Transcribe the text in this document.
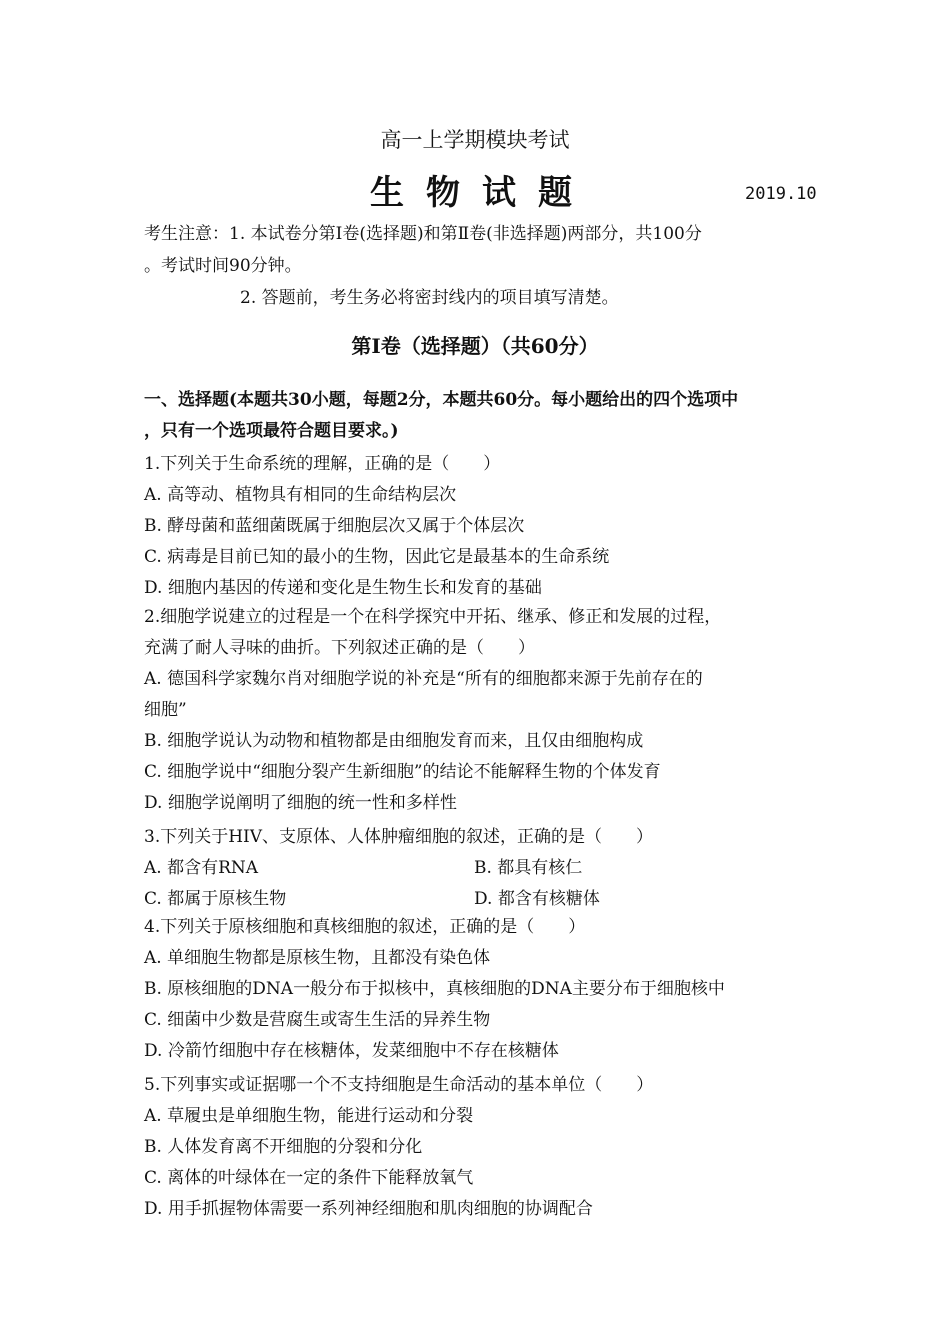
高一上学期模块考试
生物试题	2019.10
考生注意：1. 本试卷分第Ⅰ卷(选择题)和第Ⅱ卷(非选择题)两部分，共100分
。考试时间90分钟。
2. 答题前，考生务必将密封线内的项目填写清楚。
第Ⅰ卷（选择题）（共60分）
一、选择题(本题共30小题，每题2分，本题共60分。每小题给出的四个选项中
，只有一个选项最符合题目要求。)
1.下列关于生命系统的理解，正确的是（　　）
A. 高等动、植物具有相同的生命结构层次
B. 酵母菌和蓝细菌既属于细胞层次又属于个体层次
C. 病毒是目前已知的最小的生物，因此它是最基本的生命系统
D. 细胞内基因的传递和变化是生物生长和发育的基础
2.细胞学说建立的过程是一个在科学探究中开拓、继承、修正和发展的过程，
充满了耐人寻味的曲折。下列叙述正确的是（　　）
A. 德国科学家魏尔肖对细胞学说的补充是“所有的细胞都来源于先前存在的
细胞”
B. 细胞学说认为动物和植物都是由细胞发育而来，且仅由细胞构成
C. 细胞学说中“细胞分裂产生新细胞”的结论不能解释生物的个体发育
D. 细胞学说阐明了细胞的统一性和多样性
3.下列关于HIV、支原体、人体肿瘤细胞的叙述，正确的是（　　）
A. 都含有RNA	B. 都具有核仁
C. 都属于原核生物	D. 都含有核糖体
4.下列关于原核细胞和真核细胞的叙述，正确的是（　　）
A. 单细胞生物都是原核生物，且都没有染色体
B. 原核细胞的DNA一般分布于拟核中，真核细胞的DNA主要分布于细胞核中
C. 细菌中少数是营腐生或寄生生活的异养生物
D. 冷箭竹细胞中存在核糖体，发菜细胞中不存在核糖体
5.下列事实或证据哪一个不支持细胞是生命活动的基本单位（　　）
A. 草履虫是单细胞生物，能进行运动和分裂
B. 人体发育离不开细胞的分裂和分化
C. 离体的叶绿体在一定的条件下能释放氧气
D. 用手抓握物体需要一系列神经细胞和肌肉细胞的协调配合
